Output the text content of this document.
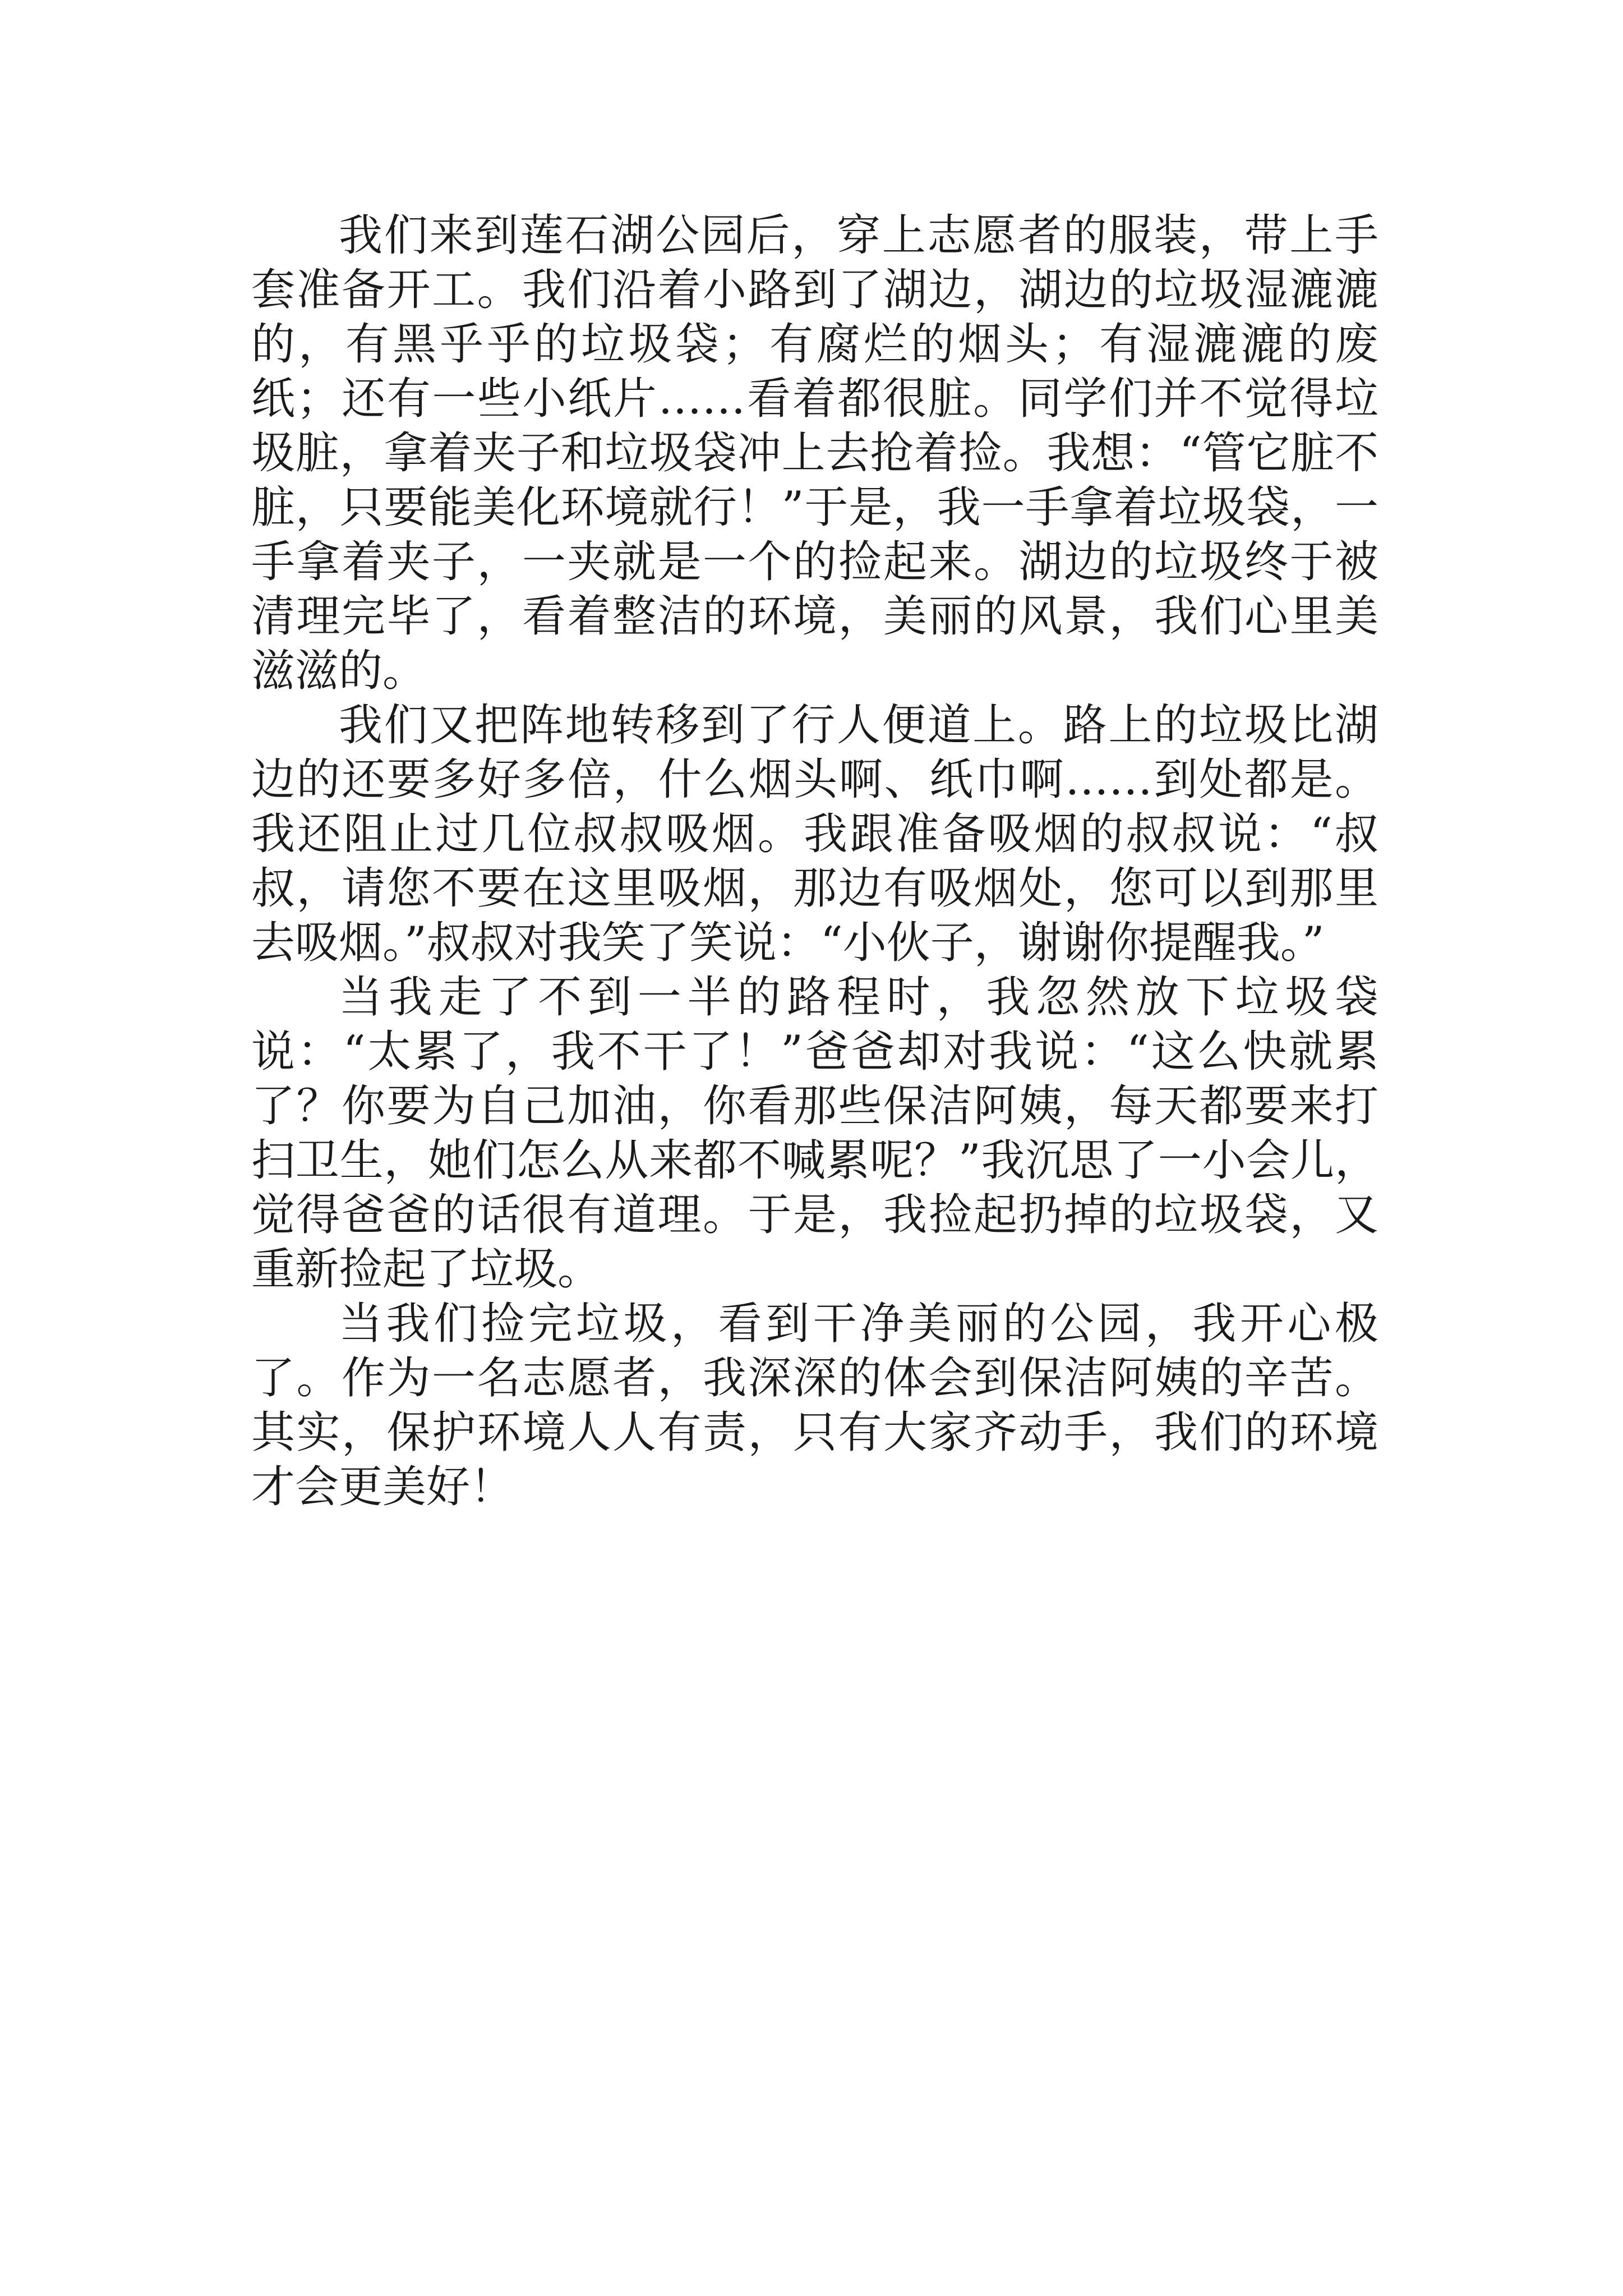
我们来到莲石湖公园后，穿上志愿者的服装，带上手套准备开工。我们沿着小路到了湖边，湖边的垃圾湿漉漉的，有黑乎乎的垃圾袋；有腐烂的烟头；有湿漉漉的废纸；还有一些小纸片……看着都很脏。同学们并不觉得垃圾脏，拿着夹子和垃圾袋冲上去抢着捡。我想：“管它脏不脏，只要能美化环境就行！”于是，我一手拿着垃圾袋，一手拿着夹子，一夹就是一个的捡起来。湖边的垃圾终于被清理完毕了，看着整洁的环境，美丽的风景，我们心里美滋滋的。

我们又把阵地转移到了行人便道上。路上的垃圾比湖边的还要多好多倍，什么烟头啊、纸巾啊……到处都是。我还阻止过几位叔叔吸烟。我跟准备吸烟的叔叔说：“叔叔，请您不要在这里吸烟，那边有吸烟处，您可以到那里去吸烟。”叔叔对我笑了笑说：“小伙子，谢谢你提醒我。”

当我走了不到一半的路程时，我忽然放下垃圾袋说：“太累了，我不干了！”爸爸却对我说：“这么快就累了？你要为自己加油，你看那些保洁阿姨，每天都要来打扫卫生，她们怎么从来都不喊累呢？”我沉思了一小会儿，觉得爸爸的话很有道理。于是，我捡起扔掉的垃圾袋，又重新捡起了垃圾。

当我们捡完垃圾，看到干净美丽的公园，我开心极了。作为一名志愿者，我深深的体会到保洁阿姨的辛苦。其实，保护环境人人有责，只有大家齐动手，我们的环境才会更美好！
